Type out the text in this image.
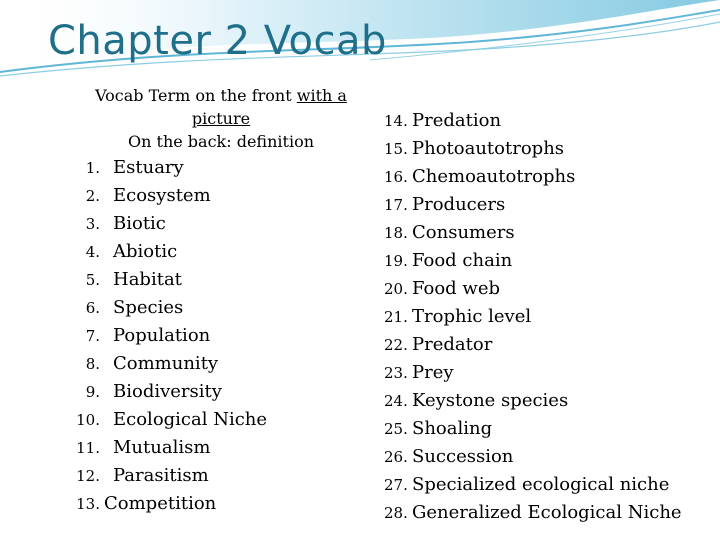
Chapter 2 Vocab
Vocab Term on the front with a picture
On the back: definition
1. Estuary
2. Ecosystem
3. Biotic
4. Abiotic
5. Habitat
6. Species
7. Population
8. Community
9. Biodiversity
10. Ecological Niche
11. Mutualism
12. Parasitism
13. Competition
14. Predation
15. Photoautotrophs
16. Chemoautotrophs
17. Producers
18. Consumers
19. Food chain
20. Food web
21. Trophic level
22. Predator
23. Prey
24. Keystone species
25. Shoaling
26. Succession
27. Specialized ecological niche
28. Generalized Ecological Niche
